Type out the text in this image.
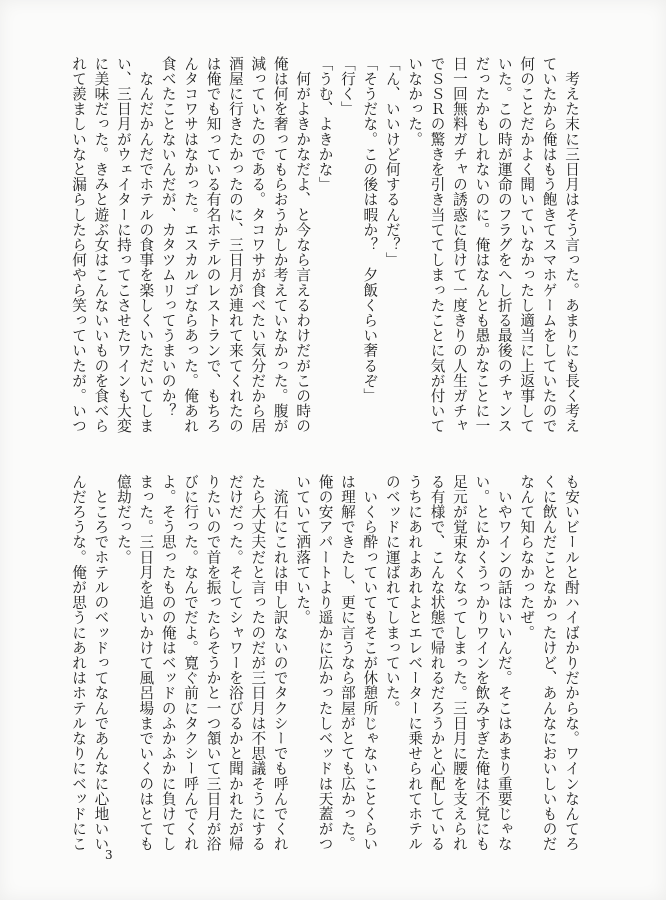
　考えた末に三日月はそう言った。あまりにも長く考え
ていたから俺はもう飽きてスマホゲームをしていたので
何のことだかよく聞いていなかったし適当に上返事して
いた。この時が運命のフラグをへし折る最後のチャンス
だったかもしれないのに。俺はなんとも愚かなことに一
日一回無料ガチャの誘惑に負けて一度きりの人生ガチャ
でＳＳＲの驚きを引き当ててしまったことに気が付いて
いなかった。
「ん、いいけど何するんだ？」
「そうだな。この後は暇か？　夕飯くらい奢るぞ」
「行く」
「うむ、よきかな」
　何がよきかなだよ、と今なら言えるわけだがこの時の
俺は何を奢ってもらおうかしか考えていなかった。腹が
減っていたのである。タコワサが食べたい気分だから居
酒屋に行きたかったのに、三日月が連れて来てくれたの
は俺でも知っている有名ホテルのレストランで、もちろ
んタコワサはなかった。エスカルゴならあった。俺あれ
食べたことないんだが、カタツムリってうまいのか？
　なんだかんだでホテルの食事を楽しくいただいてしま
い、三日月がウェイターに持ってこさせたワインも大変
に美味だった。きみと遊ぶ女はこんないいものを食べら
れて羨ましいなと漏らしたら何やら笑っていたが。いつ
も安いビールと酎ハイばかりだからな。ワインなんてろ
くに飲んだことなかったけど、あんなにおいしいものだ
なんて知らなかったぜ。
　いやワインの話はいいんだ。そこはあまり重要じゃな
い。とにかくうっかりワインを飲みすぎた俺は不覚にも
足元が覚束なくなってしまった。三日月に腰を支えられ
る有様で、こんな状態で帰れるだろうかと心配している
うちにあれよあれよとエレベーターに乗せられてホテル
のベッドに運ばれてしまっていた。
　いくら酔っていてもそこが休憩所じゃないことくらい
は理解できたし、更に言うなら部屋がとても広かった。
俺の安アパートより遥かに広かったしベッドは天蓋がつ
いていて洒落ていた。
　流石にこれは申し訳ないのでタクシーでも呼んでくれ
たら大丈夫だと言ったのだが三日月は不思議そうにする
だけだった。そしてシャワーを浴びるかと聞かれたが帰
りたいので首を振ったらそうかと一つ頷いて三日月が浴
びに行った。なんでだよ。寛ぐ前にタクシー呼んでくれ
よ。そう思ったものの俺はベッドのふかふかに負けてし
まった。三日月を追いかけて風呂場までいくのはとても
億劫だった。
　ところでホテルのベッドってなんであんなに心地いい
んだろうな。俺が思うにあれはホテルなりにベッドにこ
3
